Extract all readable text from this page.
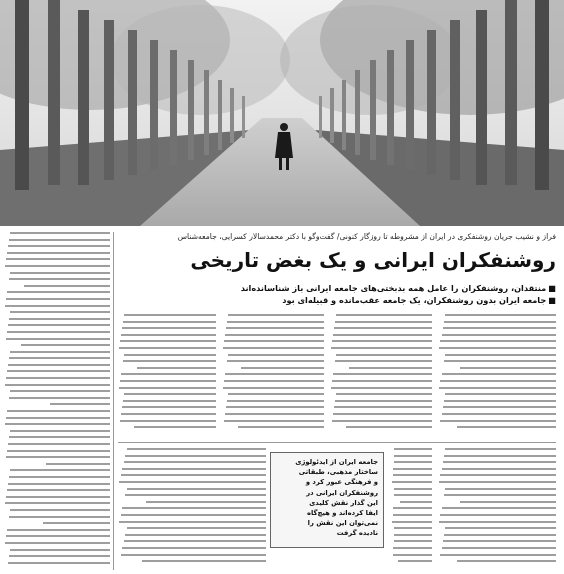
فراز و نشیب جریان روشنفکری در ایران از مشروطه تا روزگار کنونی/ گفت‌وگو با دکتر محمدسالار کسرایی، جامعه‌شناس
روشنفکران ایرانی و یک بغض تاریخی
■منتقدان، روشنفکران را عامل همه بدبختی‌های جامعه ایرانی باز شناسانده‌اند
■جامعه ایران بدون روشنفکران، یک جامعه عقب‌مانده و قبیله‌ای بود
جامعه ایران از ایدئولوژی
ساختار مذهبی، طبقاتی
و فرهنگی عبور کرد و
روشنفکران ایرانی در
این گذار نقش کلیدی
ایفا کرده‌اند و هیچ‌گاه
نمی‌توان این نقش را
نادیده گرفت
